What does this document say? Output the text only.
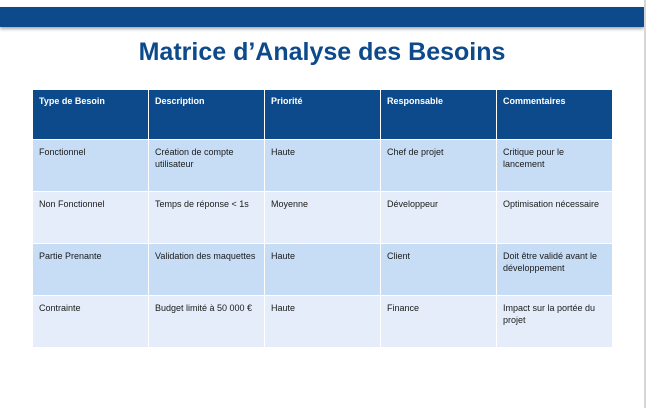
Matrice d’Analyse des Besoins
Type de Besoin	Description	Priorité	Responsable	Commentaires
Fonctionnel	Création de compte utilisateur	Haute	Chef de projet	Critique pour le lancement
Non Fonctionnel	Temps de réponse < 1s	Moyenne	Développeur	Optimisation nécessaire
Partie Prenante	Validation des maquettes	Haute	Client	Doit être validé avant le développement
Contrainte	Budget limité à 50 000 €	Haute	Finance	Impact sur la portée du projet
